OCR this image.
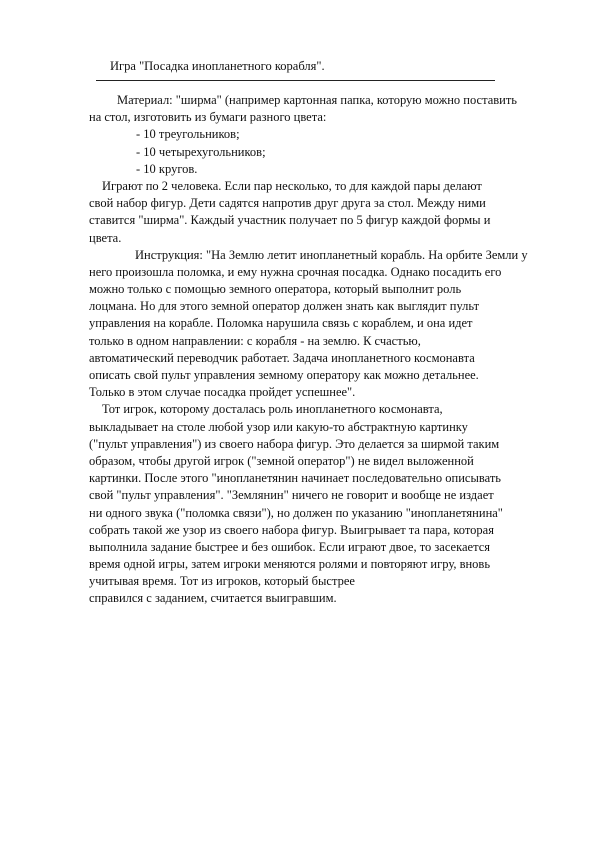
Игра "Посадка инопланетного корабля".
Материал: "ширма" (например картонная папка, которую можно поставить
на стол, изготовить из бумаги разного цвета:
- 10 треугольников;
- 10 четырехугольников;
- 10 кругов.
Играют по 2 человека. Если пар несколько, то для каждой пары делают
свой набор фигур. Дети садятся напротив друг друга за стол. Между ними
ставится "ширма". Каждый участник получает по 5 фигур каждой формы и
цвета.
Инструкция: "На Землю летит инопланетный корабль. На орбите Земли у
него произошла поломка, и ему нужна срочная посадка. Однако посадить его
можно только с помощью земного оператора, который выполнит роль
лоцмана. Но для этого земной оператор должен знать как выглядит пульт
управления на корабле. Поломка нарушила связь с кораблем, и она идет
только в одном направлении: с корабля - на землю. К счастью,
автоматический переводчик работает. Задача инопланетного космонавта
описать свой пульт управления земному оператору как можно детальнее.
Только в этом случае посадка пройдет успешнее".
Тот игрок, которому досталась роль инопланетного космонавта,
выкладывает на столе любой узор или какую-то абстрактную картинку
("пульт управления") из своего набора фигур. Это делается за ширмой таким
образом, чтобы другой игрок ("земной оператор") не видел выложенной
картинки. После этого "инопланетянин начинает последовательно описывать
свой "пульт управления". "Землянин" ничего не говорит и вообще не издает
ни одного звука ("поломка связи"), но должен по указанию "инопланетянина"
собрать такой же узор из своего набора фигур. Выигрывает та пара, которая
выполнила задание быстрее и без ошибок. Если играют двое, то засекается
время одной игры, затем игроки меняются ролями и повторяют игру, вновь
учитывая время. Тот из игроков, который быстрее
справился с заданием, считается выигравшим.
